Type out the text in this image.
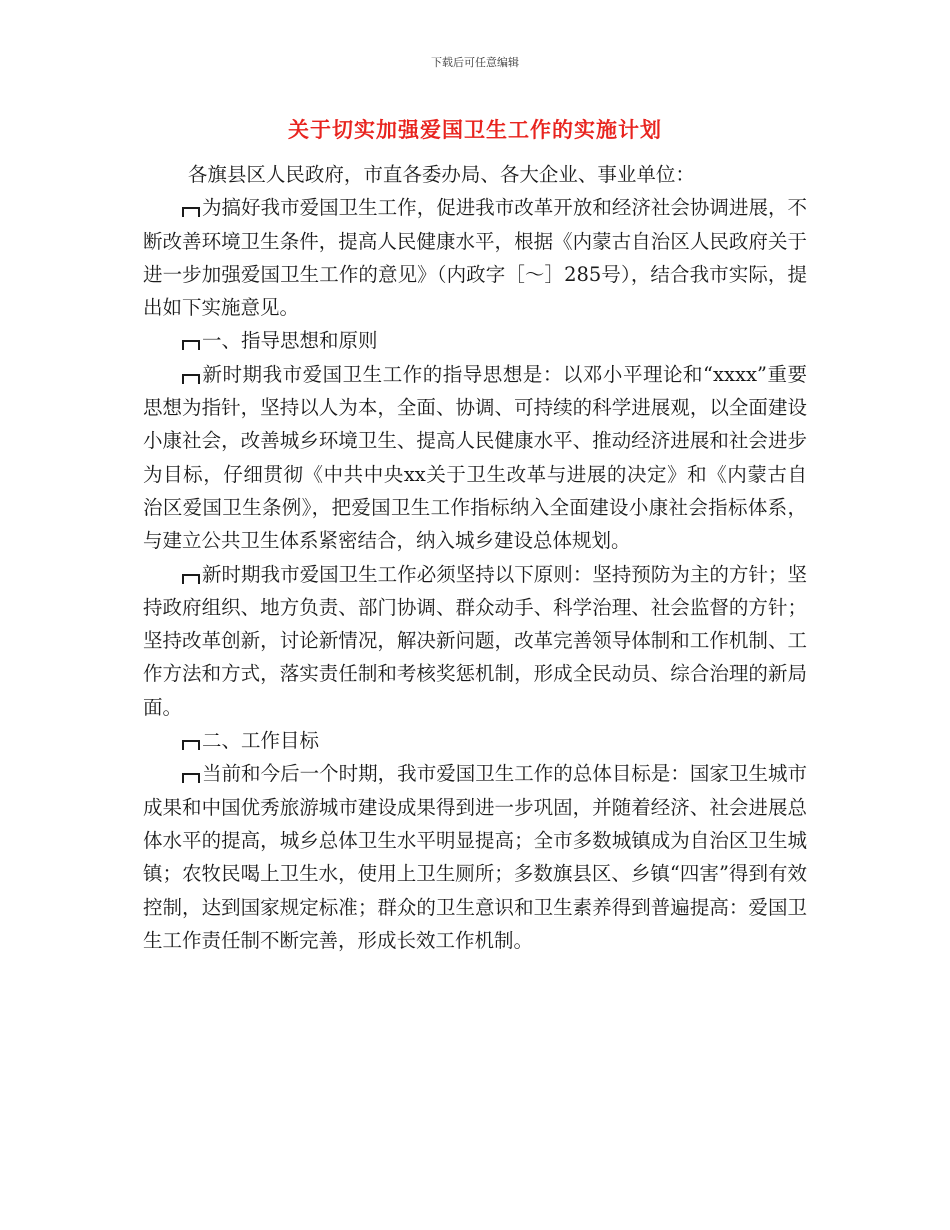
下载后可任意编辑
关于切实加强爱国卫生工作的实施计划

各旗县区人民政府，市直各委办局、各大企业、事业单位：

为搞好我市爱国卫生工作，促进我市改革开放和经济社会协调进展，不断改善环境卫生条件，提高人民健康水平，根据《内蒙古自治区人民政府关于进一步加强爱国卫生工作的意见》（内政字［～］285号），结合我市实际，提出如下实施意见。

一、指导思想和原则

新时期我市爱国卫生工作的指导思想是：以邓小平理论和“xxxx”重要思想为指针，坚持以人为本，全面、协调、可持续的科学进展观，以全面建设小康社会，改善城乡环境卫生、提高人民健康水平、推动经济进展和社会进步为目标，仔细贯彻《中共中央xx关于卫生改革与进展的决定》和《内蒙古自治区爱国卫生条例》，把爱国卫生工作指标纳入全面建设小康社会指标体系，与建立公共卫生体系紧密结合，纳入城乡建设总体规划。

新时期我市爱国卫生工作必须坚持以下原则：坚持预防为主的方针；坚持政府组织、地方负责、部门协调、群众动手、科学治理、社会监督的方针；坚持改革创新，讨论新情况，解决新问题，改革完善领导体制和工作机制、工作方法和方式，落实责任制和考核奖惩机制，形成全民动员、综合治理的新局面。

二、工作目标

当前和今后一个时期，我市爱国卫生工作的总体目标是：国家卫生城市成果和中国优秀旅游城市建设成果得到进一步巩固，并随着经济、社会进展总体水平的提高，城乡总体卫生水平明显提高；全市多数城镇成为自治区卫生城镇；农牧民喝上卫生水，使用上卫生厕所；多数旗县区、乡镇“四害”得到有效控制，达到国家规定标准；群众的卫生意识和卫生素养得到普遍提高：爱国卫生工作责任制不断完善，形成长效工作机制。
